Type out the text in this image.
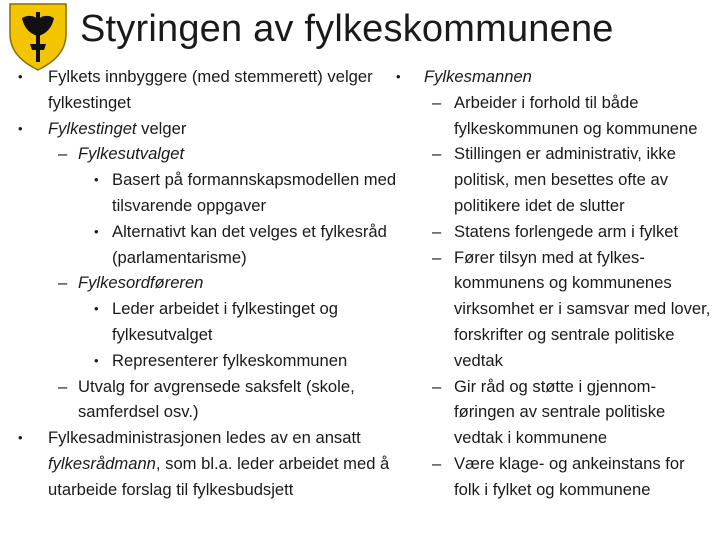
Styringen av fylkeskommunene
• Fylkets innbyggere (med stemmerett) velger fylkestinget
• Fylkestinget velger
– Fylkesutvalget
• Basert på formannskapsmodellen med tilsvarende oppgaver
• Alternativt kan det velges et fylkesråd (parlamentarisme)
– Fylkesordføreren
• Leder arbeidet i fylkestinget og fylkesutvalget
• Representerer fylkeskommunen
– Utvalg for avgrensede saksfelt (skole, samferdsel osv.)
• Fylkesadministrasjonen ledes av en ansatt fylkesrådmann, som bl.a. leder arbeidet med å utarbeide forslag til fylkesbudsjett
• Fylkesmannen
– Arbeider i forhold til både fylkeskommunen og kommunene
– Stillingen er administrativ, ikke politisk, men besettes ofte av politikere idet de slutter
– Statens forlengede arm i fylket
– Fører tilsyn med at fylkes-kommunens og kommunenes virksomhet er i samsvar med lover, forskrifter og sentrale politiske vedtak
– Gir råd og støtte i gjennom-føringen av sentrale politiske vedtak i kommunene
– Være klage- og ankeinstans for folk i fylket og kommunene
